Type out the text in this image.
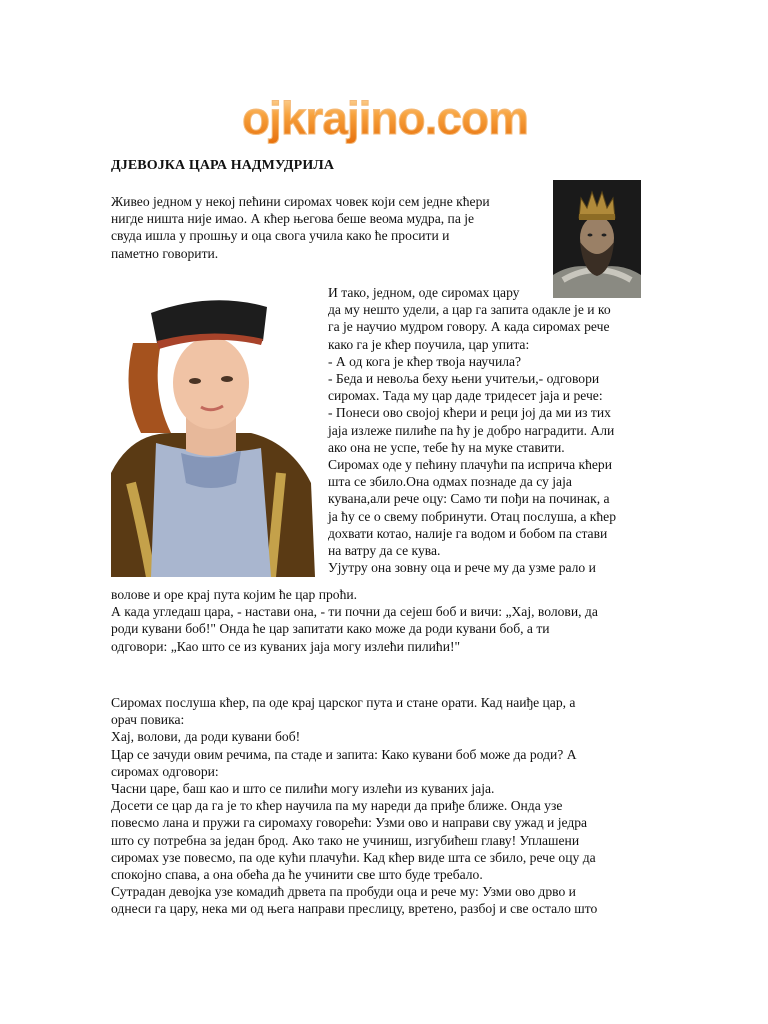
ojkrajino.com
ДЈЕВОЈКА ЦАРА НАДМУДРИЛА
Живео једном у некој пећини сиромах човек који сем једне кћери
нигде ништа није имао. А кћер његова беше веома мудра, па је
свуда ишла у прошњу и оца свога учила како ће просити и
паметно говорити.
И тако, једном, оде сиромах цару
да му нешто удели, а цар га запита одакле је и ко
га је научио мудром говору. А када сиромах рече
како га је кћер поучила, цар упита:
- А од кога је кћер твоја научила?
- Беда и невоља беху њени учитељи,- одговори
сиромах. Тада му цар даде тридесет јаја и рече:
- Понеси ово својој кћери и реци јој да ми из тих
јаја излеже пилиће па ћу је добро наградити. Али
ако она не успе, тебе ћу на муке ставити.
Сиромах оде у пећину плачући па исприча кћери
шта се збило.Она одмах познаде да су јаја
кувана,али рече оцу: Само ти пођи на починак, а
ја ћу се о свему побринути. Отац послуша, а кћер
дохвати котао, налије га водом и бобом па стави
на ватру да се кува.
Ујутру она зовну оца и рече му да узме рало и
волове и оре крај пута којим ће цар проћи.
А када угледаш цара, - настави она, - ти почни да сејеш боб и вичи: „Хај, волови, да
роди кувани боб!" Онда ће цар запитати како може да роди кувани боб, а ти
одговори: „Као што се из куваних јаја могу излећи пилићи!"
Сиромах послуша кћер, па оде крај царског пута и стане орати. Кад наиђе цар, а
орач повика:
Хај, волови, да роди кувани боб!
Цар се зачуди овим речима, па стаде и запита: Како кувани боб може да роди? А
сиромах одговори:
Часни царе, баш као и што се пилићи могу излећи из куваних јаја.
Досети се цар да га је то кћер научила па му нареди да приђе ближе. Онда узе
повесмо лана и пружи га сиромаху говорећи: Узми ово и направи сву ужад и једра
што су потребна за један брод. Ако тако не учиниш, изгубићеш главу! Уплашени
сиромах узе повесмо, па оде кући плачући. Кад кћер виде шта се збило, рече оцу да
спокојно спава, а она обећа да ће учинити све што буде требало.
Сутрадан девојка узе комадић дрвета па пробуди оца и рече му: Узми ово дрво и
однеси га цару, нека ми од њега направи преслицу, вретено, разбој и све остало што
